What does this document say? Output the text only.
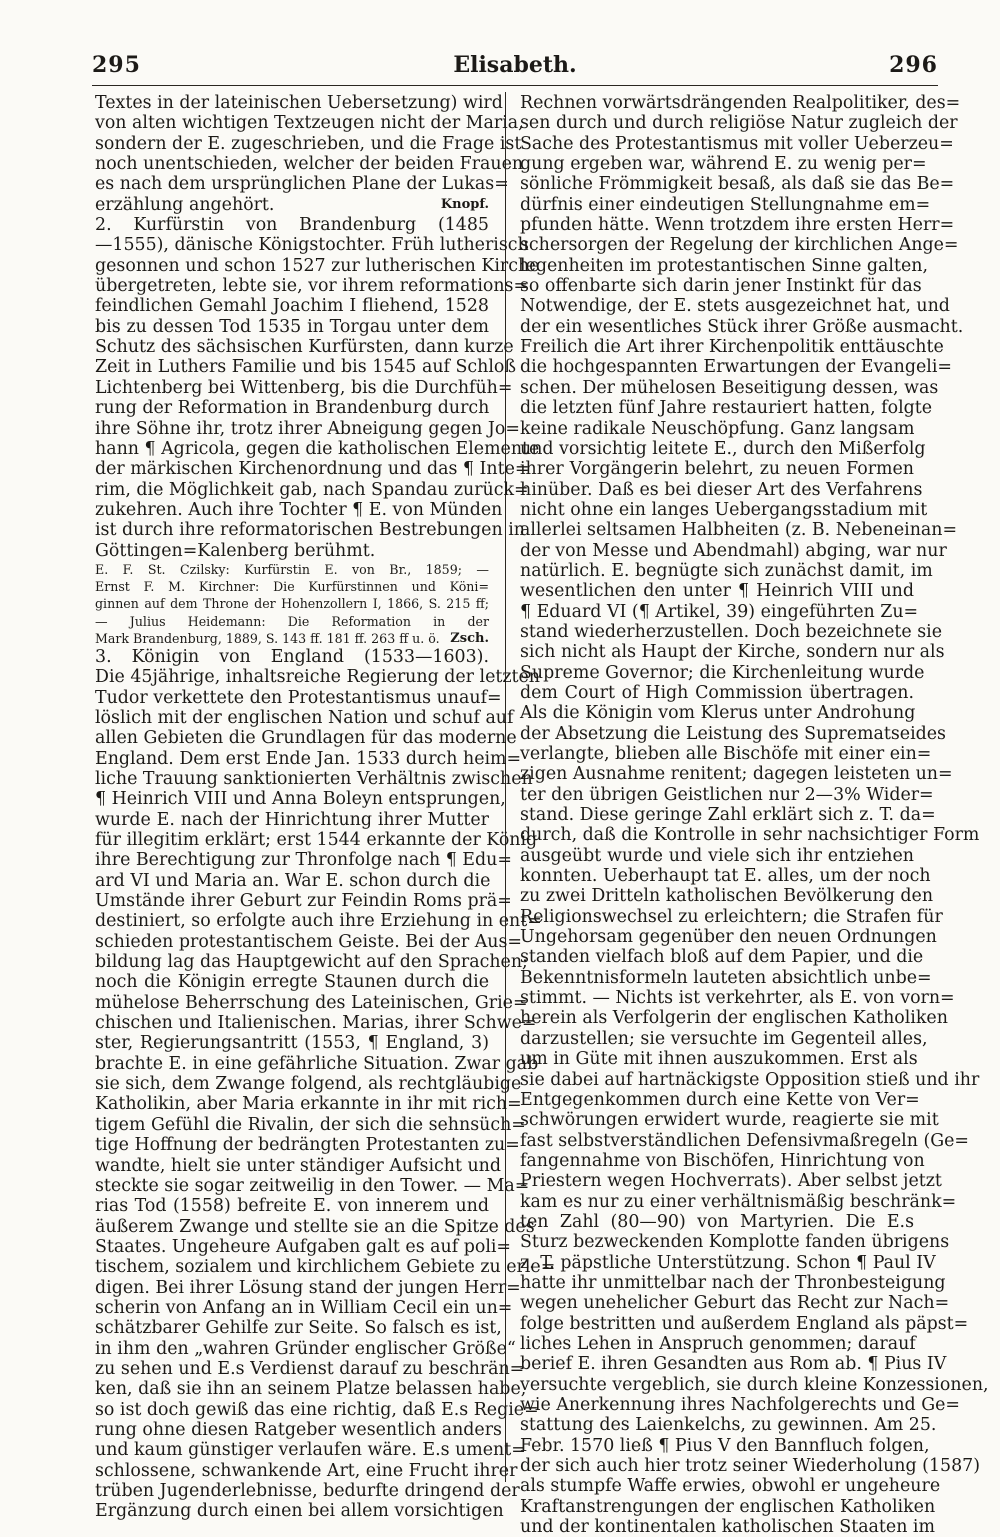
295	Elisabeth.	296
Textes in der lateinischen Uebersetzung) wird
von alten wichtigen Textzeugen nicht der Maria,
sondern der E. zugeschrieben, und die Frage ist
noch unentschieden, welcher der beiden Frauen
es nach dem ursprünglichen Plane der Lukas=
erzählung angehört.	Knopf.
2. Kurfürstin von Brandenburg (1485
—1555), dänische Königstochter. Früh lutherisch
gesonnen und schon 1527 zur lutherischen Kirche
übergetreten, lebte sie, vor ihrem reformations=
feindlichen Gemahl Joachim I fliehend, 1528
bis zu dessen Tod 1535 in Torgau unter dem
Schutz des sächsischen Kurfürsten, dann kurze
Zeit in Luthers Familie und bis 1545 auf Schloß
Lichtenberg bei Wittenberg, bis die Durchfüh=
rung der Reformation in Brandenburg durch
ihre Söhne ihr, trotz ihrer Abneigung gegen Jo=
hann ¶ Agricola, gegen die katholischen Elemente
der märkischen Kirchenordnung und das ¶ Inte=
rim, die Möglichkeit gab, nach Spandau zurück=
zukehren. Auch ihre Tochter ¶ E. von Münden
ist durch ihre reformatorischen Bestrebungen in
Göttingen=Kalenberg berühmt.
E. F. St. Czilsky: Kurfürstin E. von Br., 1859; —
Ernst F. M. Kirchner: Die Kurfürstinnen und Köni=
ginnen auf dem Throne der Hohenzollern I, 1866, S. 215 ff;
— Julius Heidemann: Die Reformation in der
Mark Brandenburg, 1889, S. 143 ff. 181 ff. 263 ff u. ö. Zsch.
3. Königin von England (1533—1603).
Die 45jährige, inhaltsreiche Regierung der letzten
Tudor verkettete den Protestantismus unauf=
löslich mit der englischen Nation und schuf auf
allen Gebieten die Grundlagen für das moderne
England. Dem erst Ende Jan. 1533 durch heim=
liche Trauung sanktionierten Verhältnis zwischen
¶ Heinrich VIII und Anna Boleyn entsprungen,
wurde E. nach der Hinrichtung ihrer Mutter
für illegitim erklärt; erst 1544 erkannte der König
ihre Berechtigung zur Thronfolge nach ¶ Edu=
ard VI und Maria an. War E. schon durch die
Umstände ihrer Geburt zur Feindin Roms prä=
destiniert, so erfolgte auch ihre Erziehung in ent=
schieden protestantischem Geiste. Bei der Aus=
bildung lag das Hauptgewicht auf den Sprachen;
noch die Königin erregte Staunen durch die
mühelose Beherrschung des Lateinischen, Grie=
chischen und Italienischen. Marias, ihrer Schwe=
ster, Regierungsantritt (1553, ¶ England, 3)
brachte E. in eine gefährliche Situation. Zwar gab
sie sich, dem Zwange folgend, als rechtgläubige
Katholikin, aber Maria erkannte in ihr mit rich=
tigem Gefühl die Rivalin, der sich die sehnsüch=
tige Hoffnung der bedrängten Protestanten zu=
wandte, hielt sie unter ständiger Aufsicht und
steckte sie sogar zeitweilig in den Tower. — Ma=
rias Tod (1558) befreite E. von innerem und
äußerem Zwange und stellte sie an die Spitze des
Staates. Ungeheure Aufgaben galt es auf poli=
tischem, sozialem und kirchlichem Gebiete zu erle=
digen. Bei ihrer Lösung stand der jungen Herr=
scherin von Anfang an in William Cecil ein un=
schätzbarer Gehilfe zur Seite. So falsch es ist,
in ihm den „wahren Gründer englischer Größe“
zu sehen und E.s Verdienst darauf zu beschrän=
ken, daß sie ihn an seinem Platze belassen habe,
so ist doch gewiß das eine richtig, daß E.s Regie=
rung ohne diesen Ratgeber wesentlich anders
und kaum günstiger verlaufen wäre. E.s ument=
schlossene, schwankende Art, eine Frucht ihrer
trüben Jugenderlebnisse, bedurfte dringend der
Ergänzung durch einen bei allem vorsichtigen
Rechnen vorwärtsdrängenden Realpolitiker, des=
sen durch und durch religiöse Natur zugleich der
Sache des Protestantismus mit voller Ueberzeu=
gung ergeben war, während E. zu wenig per=
sönliche Frömmigkeit besaß, als daß sie das Be=
dürfnis einer eindeutigen Stellungnahme em=
pfunden hätte. Wenn trotzdem ihre ersten Herr=
schersorgen der Regelung der kirchlichen Ange=
legenheiten im protestantischen Sinne galten,
so offenbarte sich darin jener Instinkt für das
Notwendige, der E. stets ausgezeichnet hat, und
der ein wesentliches Stück ihrer Größe ausmacht.
Freilich die Art ihrer Kirchenpolitik enttäuschte
die hochgespannten Erwartungen der Evangeli=
schen. Der mühelosen Beseitigung dessen, was
die letzten fünf Jahre restauriert hatten, folgte
keine radikale Neuschöpfung. Ganz langsam
und vorsichtig leitete E., durch den Mißerfolg
ihrer Vorgängerin belehrt, zu neuen Formen
hinüber. Daß es bei dieser Art des Verfahrens
nicht ohne ein langes Uebergangsstadium mit
allerlei seltsamen Halbheiten (z. B. Nebeneinan=
der von Messe und Abendmahl) abging, war nur
natürlich. E. begnügte sich zunächst damit, im
wesentlichen den unter ¶ Heinrich VIII und
¶ Eduard VI (¶ Artikel, 39) eingeführten Zu=
stand wiederherzustellen. Doch bezeichnete sie
sich nicht als Haupt der Kirche, sondern nur als
Supreme Governor; die Kirchenleitung wurde
dem Court of High Commission übertragen.
Als die Königin vom Klerus unter Androhung
der Absetzung die Leistung des Suprematseides
verlangte, blieben alle Bischöfe mit einer ein=
zigen Ausnahme renitent; dagegen leisteten un=
ter den übrigen Geistlichen nur 2—3% Wider=
stand. Diese geringe Zahl erklärt sich z. T. da=
durch, daß die Kontrolle in sehr nachsichtiger Form
ausgeübt wurde und viele sich ihr entziehen
konnten. Ueberhaupt tat E. alles, um der noch
zu zwei Dritteln katholischen Bevölkerung den
Religionswechsel zu erleichtern; die Strafen für
Ungehorsam gegenüber den neuen Ordnungen
standen vielfach bloß auf dem Papier, und die
Bekenntnisformeln lauteten absichtlich unbe=
stimmt. — Nichts ist verkehrter, als E. von vorn=
herein als Verfolgerin der englischen Katholiken
darzustellen; sie versuchte im Gegenteil alles,
um in Güte mit ihnen auszukommen. Erst als
sie dabei auf hartnäckigste Opposition stieß und ihr
Entgegenkommen durch eine Kette von Ver=
schwörungen erwidert wurde, reagierte sie mit
fast selbstverständlichen Defensivmaßregeln (Ge=
fangennahme von Bischöfen, Hinrichtung von
Priestern wegen Hochverrats). Aber selbst jetzt
kam es nur zu einer verhältnismäßig beschränk=
ten Zahl (80—90) von Martyrien. Die E.s
Sturz bezweckenden Komplotte fanden übrigens
z. T. päpstliche Unterstützung. Schon ¶ Paul IV
hatte ihr unmittelbar nach der Thronbesteigung
wegen unehelicher Geburt das Recht zur Nach=
folge bestritten und außerdem England als päpst=
liches Lehen in Anspruch genommen; darauf
berief E. ihren Gesandten aus Rom ab. ¶ Pius IV
versuchte vergeblich, sie durch kleine Konzessionen,
wie Anerkennung ihres Nachfolgerechts und Ge=
stattung des Laienkelchs, zu gewinnen. Am 25.
Febr. 1570 ließ ¶ Pius V den Bannfluch folgen,
der sich auch hier trotz seiner Wiederholung (1587)
als stumpfe Waffe erwies, obwohl er ungeheure
Kraftanstrengungen der englischen Katholiken
und der kontinentalen katholischen Staaten im
